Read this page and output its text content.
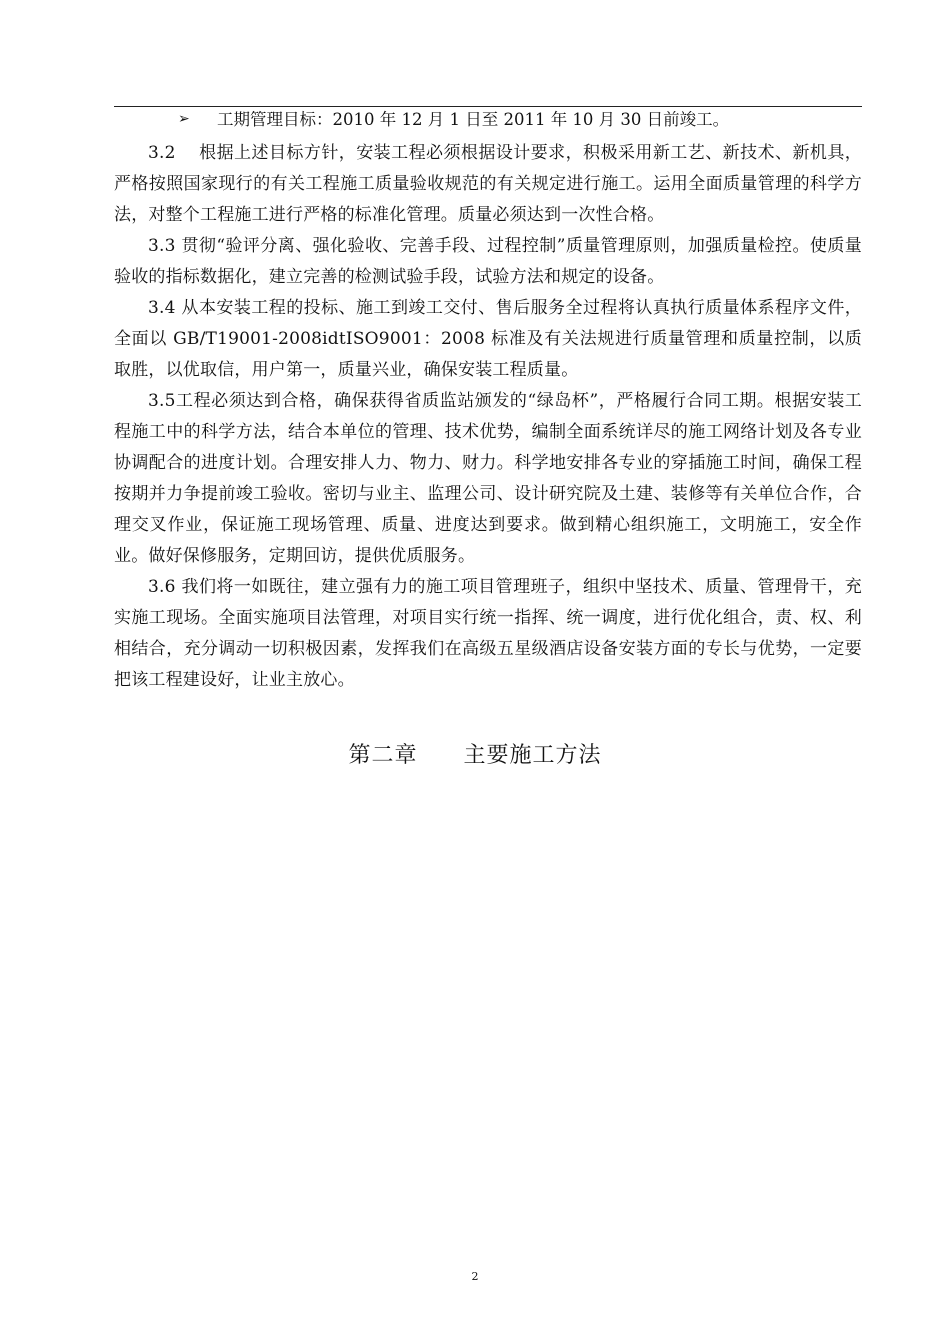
➢ 工期管理目标：2010 年 12 月 1 日至 2011 年 10 月 30 日前竣工。

3.2　 根据上述目标方针，安装工程必须根据设计要求，积极采用新工艺、新技术、新机具，严格按照国家现行的有关工程施工质量验收规范的有关规定进行施工。运用全面质量管理的科学方法，对整个工程施工进行严格的标准化管理。质量必须达到一次性合格。

3.3 贯彻“验评分离、强化验收、完善手段、过程控制”质量管理原则，加强质量检控。使质量验收的指标数据化，建立完善的检测试验手段，试验方法和规定的设备。

3.4 从本安装工程的投标、施工到竣工交付、售后服务全过程将认真执行质量体系程序文件，全面以 GB/T19001-2008idtISO9001：2008 标准及有关法规进行质量管理和质量控制，以质取胜，以优取信，用户第一，质量兴业，确保安装工程质量。

3.5工程必须达到合格，确保获得省质监站颁发的“绿岛杯”，严格履行合同工期。根据安装工程施工中的科学方法，结合本单位的管理、技术优势，编制全面系统详尽的施工网络计划及各专业协调配合的进度计划。合理安排人力、物力、财力。科学地安排各专业的穿插施工时间，确保工程按期并力争提前竣工验收。密切与业主、监理公司、设计研究院及土建、装修等有关单位合作，合理交叉作业，保证施工现场管理、质量、进度达到要求。做到精心组织施工，文明施工，安全作业。做好保修服务，定期回访，提供优质服务。

3.6 我们将一如既往，建立强有力的施工项目管理班子，组织中坚技术、质量、管理骨干，充实施工现场。全面实施项目法管理，对项目实行统一指挥、统一调度，进行优化组合，责、权、利相结合，充分调动一切积极因素，发挥我们在高级五星级酒店设备安装方面的专长与优势，一定要把该工程建设好，让业主放心。

第二章　　主要施工方法
2
